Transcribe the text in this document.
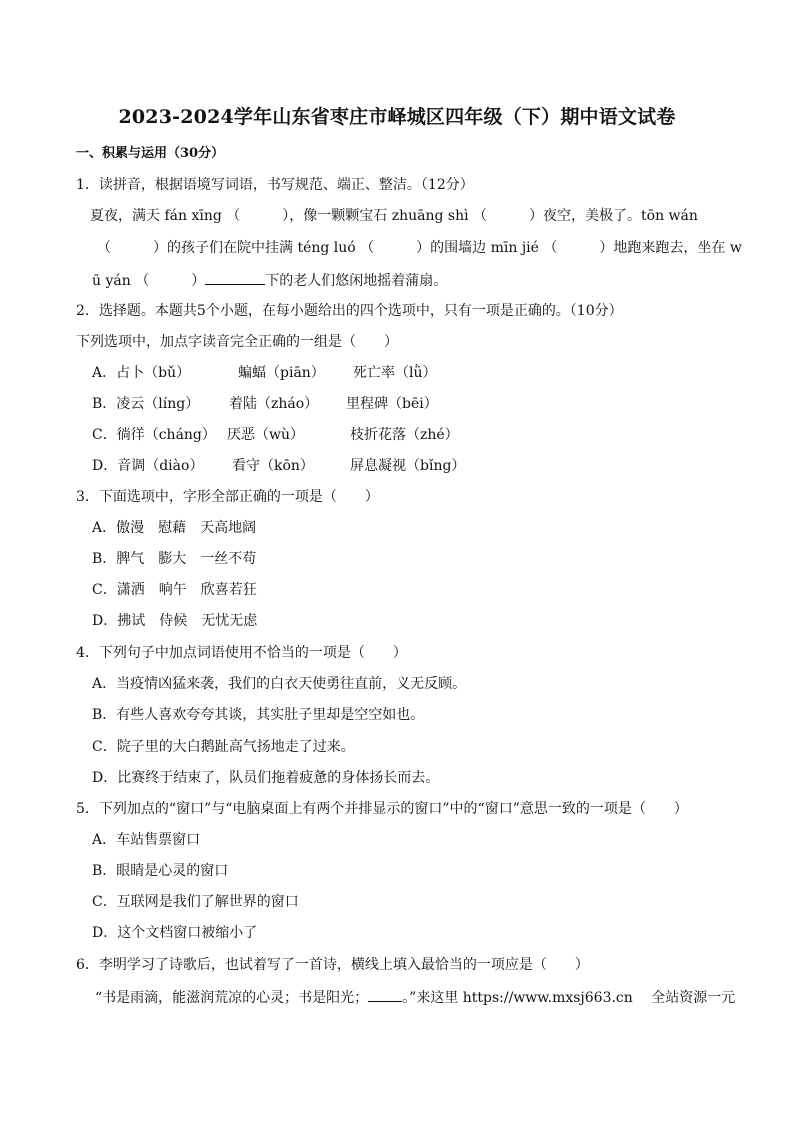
2023-2024学年山东省枣庄市峄城区四年级（下）期中语文试卷
一、积累与运用（30分）
1．读拼音，根据语境写词语，书写规范、端正、整洁。（12分）
夏夜，满天 fán xīng （　　　），像一颗颗宝石 zhuāng shì （　　　）夜空，美极了。tōn wán
（　　　）的孩子们在院中挂满 téng luó （　　　）的围墙边 mīn jié （　　　）地跑来跑去，坐在 w
ū yán （　　　）	下的老人们悠闲地摇着蒲扇。
2．选择题。本题共5个小题，在每小题给出的四个选项中，只有一项是正确的。（10分）
下列选项中，加点字读音完全正确的一组是（　　）
A．占卜（bǔ）	蝙蝠（piān） 死亡率（lǜ）
B．凌云（líng） 着陆（zháo） 里程碑（bēi）
C．徜徉（cháng） 厌恶（wù）	枝折花落（zhé）
D．音调（diào） 看守（kōn）	屏息凝视（bǐng）
3．下面选项中，字形全部正确的一项是（　　）
A．傲漫　慰藉　天高地阔
B．脾气　膨大　一丝不苟
C．潇洒　响午　欣喜若狂
D．拂试　侍候　无忧无虑
4．下列句子中加点词语使用不恰当的一项是（　　）
A．当疫情凶猛来袭，我们的白衣天使勇往直前，义无反顾。
B．有些人喜欢夸夸其谈，其实肚子里却是空空如也。
C．院子里的大白鹅趾高气扬地走了过来。
D．比赛终于结束了，队员们拖着疲惫的身体扬长而去。
5．下列加点的“窗口”与“电脑桌面上有两个并排显示的窗口”中的“窗口”意思一致的一项是（　　）
A．车站售票窗口
B．眼睛是心灵的窗口
C．互联网是我们了解世界的窗口
D．这个文档窗口被缩小了
6．李明学习了诗歌后，也试着写了一首诗，横线上填入最恰当的一项应是（　　）
“书是雨滴，能滋润荒凉的心灵；书是阳光； 。”来这里 https://www.mxsj663.cn　 全站资源一元
